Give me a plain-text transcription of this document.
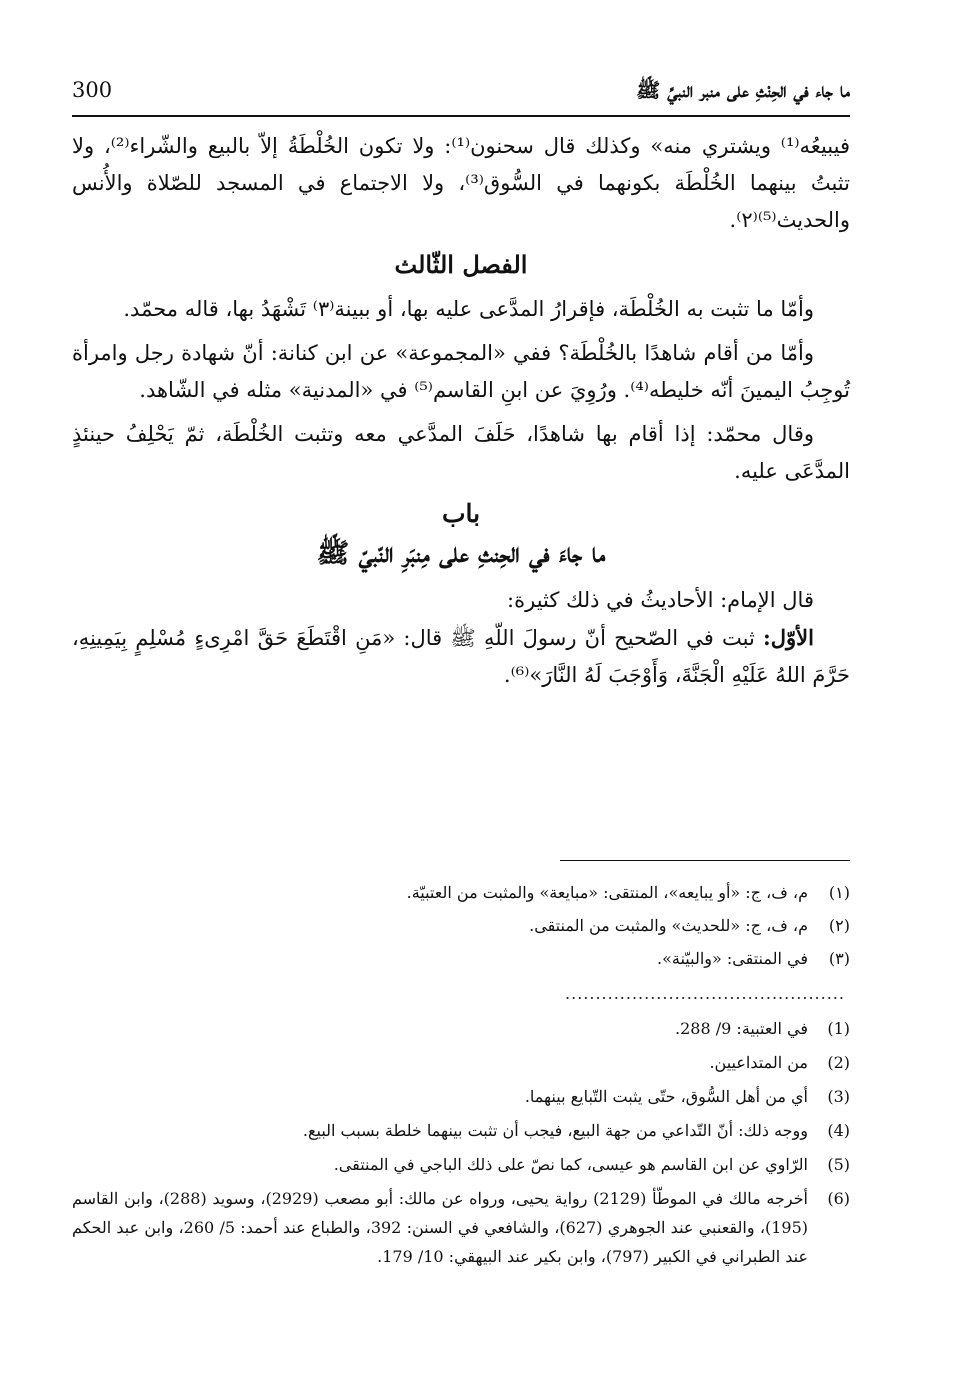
ما جاء في الحِنْثِ على منبر النبيِّ ﷺ
300

فيبيعُه⁽¹⁾ ويشتري منه» وكذلك قال سحنون⁽¹⁾: ولا تكون الخُلْطَةُ إلاّ بالبيع والشّراء⁽²⁾، ولا تثبتُ بينهما الخُلْطَة بكونهما في السُّوق⁽³⁾، ولا الاجتماع في المسجد للصّلاة والأُنس والحديث⁽⁵⁾⁽٢⁾.

الفصل الثّالث

وأمّا ما تثبت به الخُلْطَة، فإقرارُ المدَّعى عليه بها، أو ببينة⁽٣⁾ تَشْهَدُ بها، قاله محمّد.

وأمّا من أقام شاهدًا بالخُلْطَة؟ ففي «المجموعة» عن ابن كنانة: أنّ شهادة رجل وامرأة تُوجِبُ اليمينَ أنّه خليطه⁽⁴⁾. ورُوِيَ عن ابنِ القاسم⁽⁵⁾ في «المدنية» مثله في الشّاهد.

وقال محمّد: إذا أقام بها شاهدًا، حَلَفَ المدَّعي معه وتثبت الخُلْطَة، ثمّ يَحْلِفُ حينئذٍ المدَّعَى عليه.

باب
ما جاءَ في الحِنثِ على مِنبَرِ النّبيّ ﷺ

قال الإمام: الأحاديثُ في ذلك كثيرة:

الأوّل: ثبت في الصّحيح أنّ رسولَ اللّهِ ﷺ قال: «مَنِ اقْتَطَعَ حَقَّ امْرِىءٍ مُسْلِمٍ بِيَمِينِهِ، حَرَّمَ اللهُ عَلَيْهِ الْجَنَّةَ، وَأَوْجَبَ لَهُ النَّارَ»⁽⁶⁾.

(١)
م، ف، ج: «أو يبايعه»، المنتقى: «مبايعة» والمثبت من العتبيّة.
(٢)
م، ف، ج: «للحديث» والمثبت من المنتقى.
(٣)
في المنتقى: «والبيّنة».
..............................................
(1)
في العتبية: 9/ 288.
(2)
من المتداعيين.
(3)
أي من أهل السُّوق، حتّى يثبت التّبايع بينهما.
(4)
ووجه ذلك: أنّ التّداعي من جهة البيع، فيجب أن تثبت بينهما خلطة بسبب البيع.
(5)
الرّاوي عن ابن القاسم هو عيسى، كما نصّ على ذلك الباجي في المنتقى.
(6)
أخرجه مالك في الموطّأ (2129) رواية يحيى، ورواه عن مالك: أبو مصعب (2929)، وسويد (288)، وابن القاسم (195)، والقعنبي عند الجوهري (627)، والشافعي في السنن: 392، والطباع عند أحمد: 5/ 260، وابن عبد الحكم عند الطبراني في الكبير (797)، وابن بكير عند البيهقي: 10/ 179.
